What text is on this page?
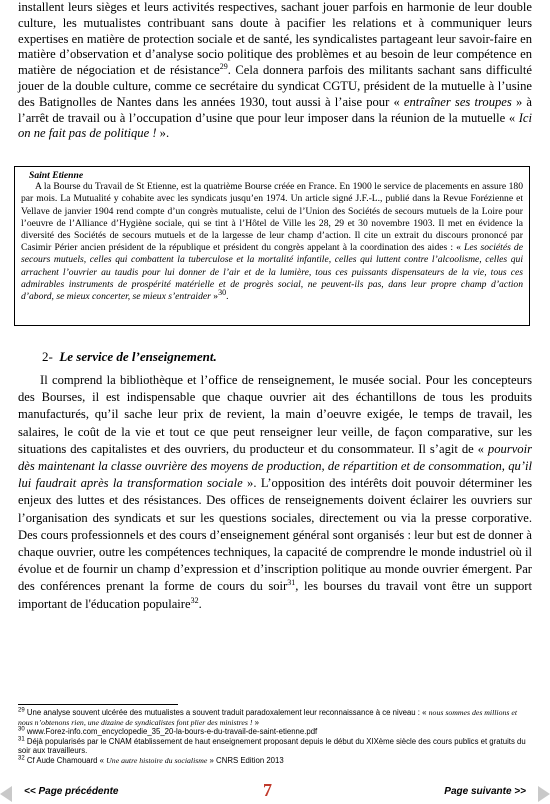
installent leurs sièges et leurs activités respectives, sachant jouer parfois en harmonie de leur double culture, les mutualistes contribuant sans doute à pacifier les relations et à communiquer leurs expertises en matière de protection sociale et de santé, les syndicalistes partageant leur savoir-faire en matière d’observation et d’analyse socio politique des problèmes et au besoin de leur compétence en matière de négociation et de résistance$^{29}$. Cela donnera parfois des militants sachant sans difficulté jouer de la double culture, comme ce secrétaire du syndicat CGTU, président de la mutuelle à l’usine des Batignolles de Nantes dans les années 1930, tout aussi à l’aise pour « entraîner ses troupes » à l’arrêt de travail ou à l’occupation d’usine que pour leur imposer dans la réunion de la mutuelle « Ici on ne fait pas de politique ! ».

Saint Etienne

A la Bourse du Travail de St Etienne, est la quatrième Bourse créée en France. En 1900 le service de placements en assure 180 par mois. La Mutualité y cohabite avec les syndicats jusqu’en 1974. Un article signé J.F.-L., publié dans la Revue Forézienne et Vellave de janvier 1904 rend compte d’un congrès mutualiste, celui de l’Union des Sociétés de secours mutuels de la Loire pour l’oeuvre de l’Alliance d’Hygiène sociale, qui se tint à l’Hôtel de Ville les 28, 29 et 30 novembre 1903. Il met en évidence la diversité des Sociétés de secours mutuels et de la largesse de leur champ d’action. Il cite un extrait du discours prononcé par Casimir Périer ancien président de la république et président du congrès appelant à la coordination des aides : « Les sociétés de secours mutuels, celles qui combattent la tuberculose et la mortalité infantile, celles qui luttent contre l’alcoolisme, celles qui arrachent l’ouvrier au taudis pour lui donner de l’air et de la lumière, tous ces puissants dispensateurs de la vie, tous ces admirables instruments de prospérité matérielle et de progrès social, ne peuvent-ils pas, dans leur propre champ d’action d’abord, se mieux concerter, se mieux s’entraider »$^{30}$.

2- Le service de l’enseignement.

Il comprend la bibliothèque et l’office de renseignement, le musée social. Pour les concepteurs des Bourses, il est indispensable que chaque ouvrier ait des échantillons de tous les produits manufacturés, qu’il sache leur prix de revient, la main d’oeuvre exigée, le temps de travail, les salaires, le coût de la vie et tout ce que peut renseigner leur veille, de façon comparative, sur les situations des capitalistes et des ouvriers, du producteur et du consommateur. Il s’agit de « pourvoir dès maintenant la classe ouvrière des moyens de production, de répartition et de consommation, qu’il lui faudrait après la transformation sociale ». L’opposition des intérêts doit pouvoir déterminer les enjeux des luttes et des résistances. Des offices de renseignements doivent éclairer les ouvriers sur l’organisation des syndicats et sur les questions sociales, directement ou via la presse corporative. Des cours professionnels et des cours d’enseignement général sont organisés : leur but est de donner à chaque ouvrier, outre les compétences techniques, la capacité de comprendre le monde industriel où il évolue et de fournir un champ d’expression et d’inscription politique au monde ouvrier émergent. Par des conférences prenant la forme de cours du soir$^{31}$, les bourses du travail vont être un support important de l'éducation populaire$^{32}$.

$^{29}$ Une analyse souvent ulcérée des mutualistes a souvent traduit paradoxalement leur reconnaissance à ce niveau : « nous sommes des millions et nous n’obtenons rien, une dizaine de syndicalistes font plier des ministres ! »

$^{30}$ www.Forez-info.com_encyclopedie_35_20-la-bours-e-du-travail-de-saint-etienne.pdf

$^{31}$ Déjà popularisés par le CNAM établissement de haut enseignement proposant depuis le début du XIXème siècle des cours publics et gratuits du soir aux travailleurs.

$^{32}$ Cf Aude Chamouard « Une autre histoire du socialisme » CNRS Edition 2013

<< Page précédente	7	Page suivante >>
